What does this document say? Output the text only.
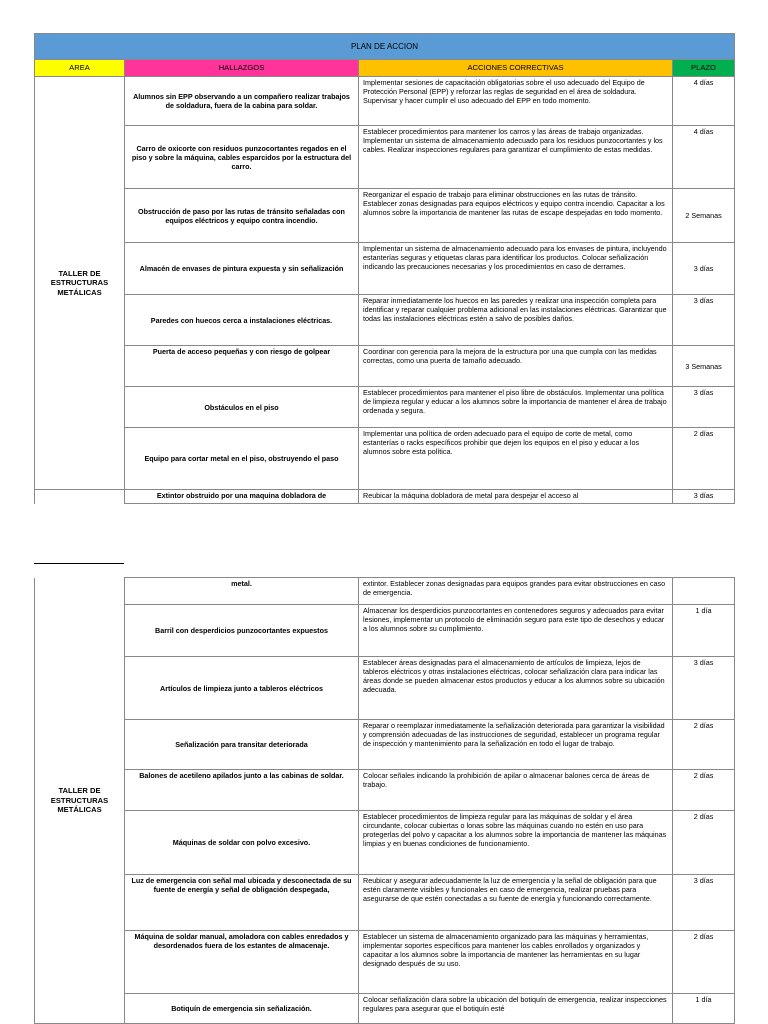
PLAN DE ACCION			
AREA	HALLAZGOS	ACCIONES CORRECTIVAS	PLAZO
TALLER DE ESTRUCTURAS METÁLICAS	Alumnos sin EPP observando a un compañero realizar trabajos de soldadura, fuera de la cabina para soldar.	Implementar sesiones de capacitación obligatorias sobre el uso adecuado del Equipo de Protección Personal (EPP) y reforzar las reglas de seguridad en el área de soldadura. Supervisar y hacer cumplir el uso adecuado del EPP en todo momento.	4 días
	Carro de oxicorte con residuos punzocortantes regados en el piso y sobre la máquina, cables esparcidos por la estructura del carro.	Establecer procedimientos para mantener los carros y las áreas de trabajo organizadas. Implementar un sistema de almacenamiento adecuado para los residuos punzocortantes y los cables. Realizar inspecciones regulares para garantizar el cumplimiento de estas medidas.	4 días
	Obstrucción de paso por las rutas de tránsito señaladas con equipos eléctricos y equipo contra incendio.	Reorganizar el espacio de trabajo para eliminar obstrucciones en las rutas de tránsito. Establecer zonas designadas para equipos eléctricos y equipo contra incendio. Capacitar a los alumnos sobre la importancia de mantener las rutas de escape despejadas en todo momento.	2 Semanas
	Almacén de envases de pintura expuesta y sin señalización	Implementar un sistema de almacenamiento adecuado para los envases de pintura, incluyendo estanterías seguras y etiquetas claras para identificar los productos. Colocar señalización indicando las precauciones necesarias y los procedimientos en caso de derrames.	3 días
	Paredes con huecos cerca a instalaciones eléctricas.	Reparar inmediatamente los huecos en las paredes y realizar una inspección completa para identificar y reparar cualquier problema adicional en las instalaciones eléctricas. Garantizar que todas las instalaciones eléctricas estén a salvo de posibles daños.	3 días
	Puerta de acceso pequeñas y con riesgo de golpear	Coordinar con gerencia para la mejora de la estructura por una que cumpla con las medidas correctas, como una puerta de tamaño adecuado.	3 Semanas
	Obstáculos en el piso	Establecer procedimientos para mantener el piso libre de obstáculos. Implementar una política de limpieza regular y educar a los alumnos sobre la importancia de mantener el área de trabajo ordenada y segura.	3 días
	Equipo para cortar metal en el piso, obstruyendo el paso	Implementar una política de orden adecuado para el equipo de corte de metal, como estanterías o racks específicos prohibir que dejen los equipos en el piso y educar a los alumnos sobre esta política.	2 días
	Extintor obstruido por una maquina dobladora de	Reubicar la máquina dobladora de metal para despejar el acceso al	3 días
TALLER DE ESTRUCTURAS METÁLICAS	metal.	extintor. Establecer zonas designadas para equipos grandes para evitar obstrucciones en caso de emergencia.	
	Barril con desperdicios punzocortantes expuestos	Almacenar los desperdicios punzocortantes en contenedores seguros y adecuados para evitar lesiones, implementar un protocolo de eliminación seguro para este tipo de desechos y educar a los alumnos sobre su cumplimiento.	1 día
	Artículos de limpieza junto a tableros eléctricos	Establecer áreas designadas para el almacenamiento de artículos de limpieza, lejos de tableros eléctricos y otras instalaciones eléctricas, colocar señalización clara para indicar las áreas donde se pueden almacenar estos productos y educar a los alumnos sobre su ubicación adecuada.	3 días
	Señalización para transitar deteriorada	Reparar o reemplazar inmediatamente la señalización deteriorada para garantizar la visibilidad y comprensión adecuadas de las instrucciones de seguridad, establecer un programa regular de inspección y mantenimiento para la señalización en todo el lugar de trabajo.	2 días
	Balones de acetileno apilados junto a las cabinas de soldar.	Colocar señales indicando la prohibición de apilar o almacenar balones cerca de áreas de trabajo.	2 días
	Máquinas de soldar con polvo excesivo.	Establecer procedimientos de limpieza regular para las máquinas de soldar y el área circundante, colocar cubiertas o lonas sobre las máquinas cuando no estén en uso para protegerlas del polvo y capacitar a los alumnos sobre la importancia de mantener las máquinas limpias y en buenas condiciones de funcionamiento.	2 días
	Luz de emergencia con señal mal ubicada y desconectada de su fuente de energía y señal de obligación despegada,	Reubicar y asegurar adecuadamente la luz de emergencia y la señal de obligación para que estén claramente visibles y funcionales en caso de emergencia, realizar pruebas para asegurarse de que estén conectadas a su fuente de energía y funcionando correctamente.	3 días
	Máquina de soldar manual, amoladora con cables enredados y desordenados fuera de los estantes de almacenaje.	Establecer un sistema de almacenamiento organizado para las máquinas y herramientas, implementar soportes específicos para mantener los cables enrollados y organizados y capacitar a los alumnos sobre la importancia de mantener las herramientas en su lugar designado después de su uso.	2 días
	Botiquín de emergencia sin señalización.	Colocar señalización clara sobre la ubicación del botiquín de emergencia, realizar inspecciones regulares para asegurar que el botiquín esté	1 día
